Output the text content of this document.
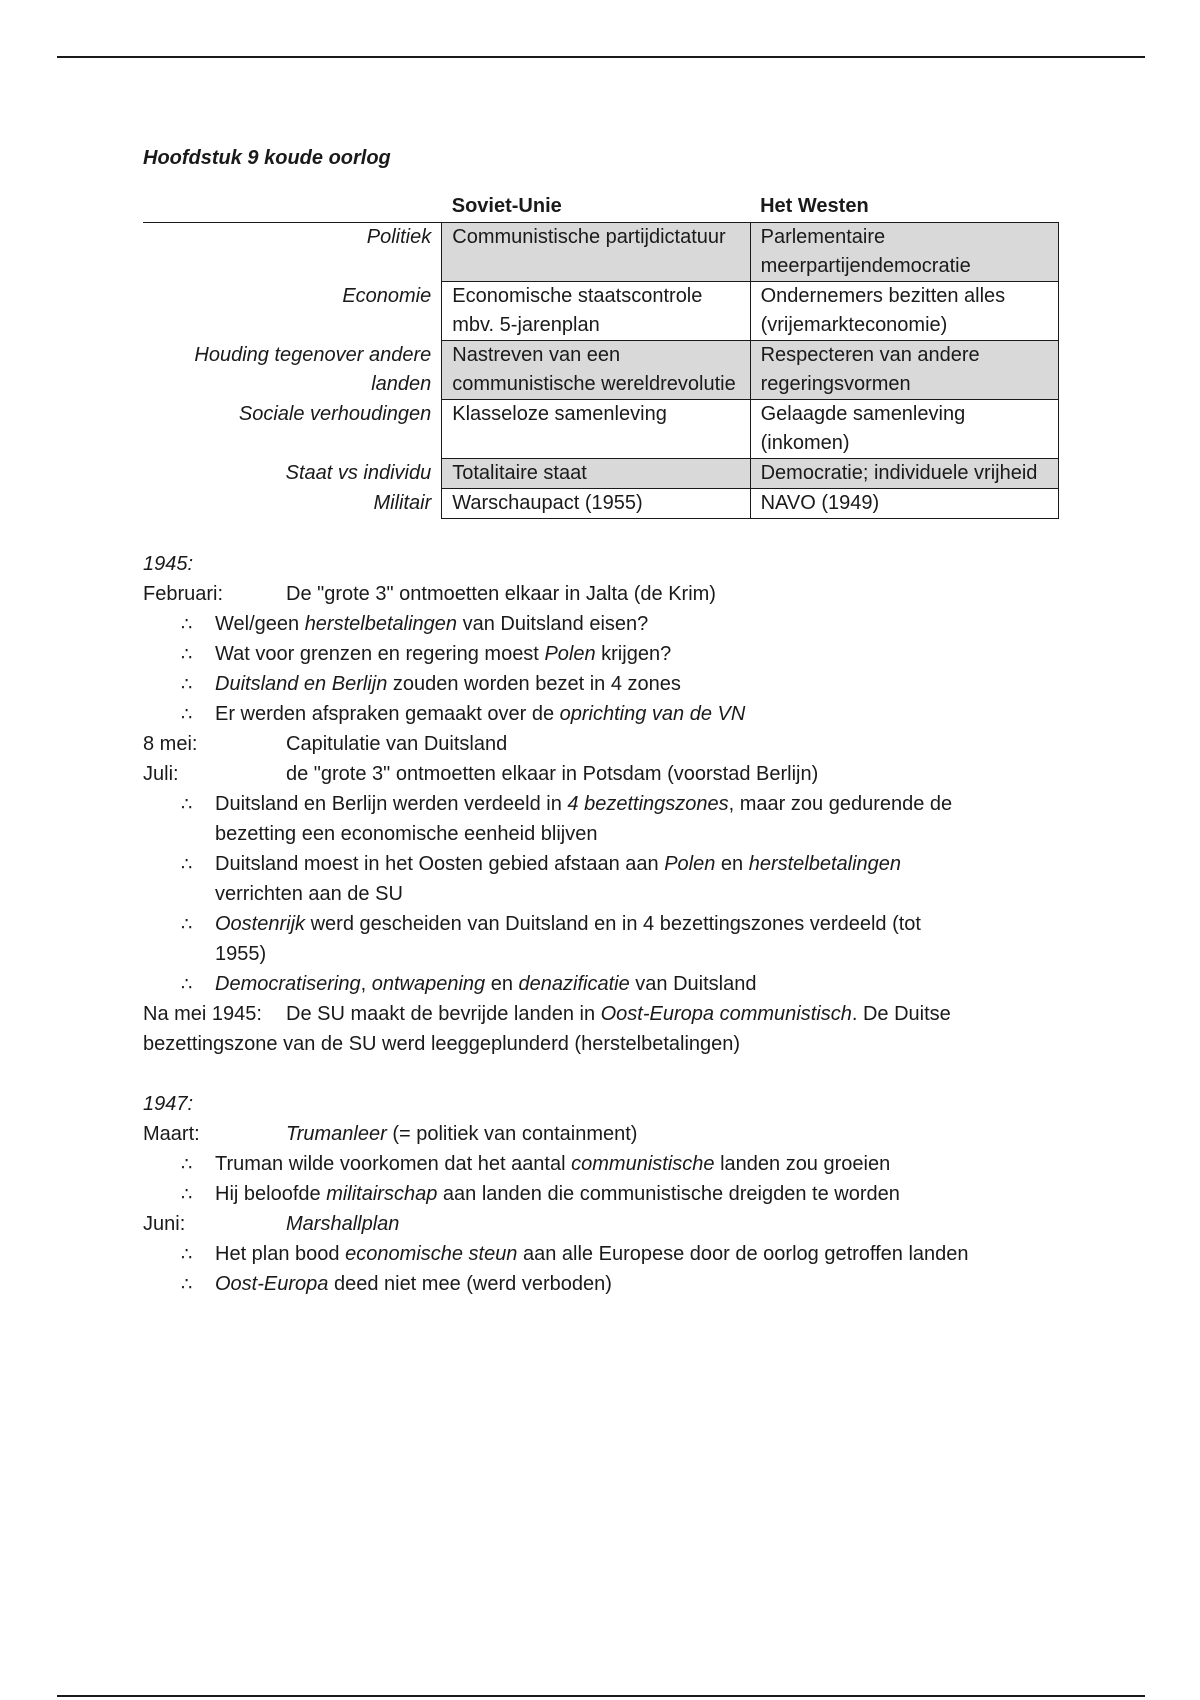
Hoofdstuk 9 koude oorlog

	Soviet-Unie	Het Westen
Politiek	Communistische partijdictatuur	Parlementaire meerpartijendemocratie
Economie	Economische staatscontrole mbv. 5-jarenplan	Ondernemers bezitten alles (vrijemarkteconomie)
Houding tegenover andere landen	Nastreven van een communistische wereldrevolutie	Respecteren van andere regeringsvormen
Sociale verhoudingen	Klasseloze samenleving	Gelaagde samenleving (inkomen)
Staat vs individu	Totalitaire staat	Democratie; individuele vrijheid
Militair	Warschaupact (1955)	NAVO (1949)

1945:

Februari:	De "grote 3" ontmoetten elkaar in Jalta (de Krim)

∴ Wel/geen herstelbetalingen van Duitsland eisen?
∴ Wat voor grenzen en regering moest Polen krijgen?
∴ Duitsland en Berlijn zouden worden bezet in 4 zones
∴ Er werden afspraken gemaakt over de oprichting van de VN

8 mei:	Capitulatie van Duitsland

Juli:	de "grote 3" ontmoetten elkaar in Potsdam (voorstad Berlijn)

∴ Duitsland en Berlijn werden verdeeld in 4 bezettingszones, maar zou gedurende de
bezetting een economische eenheid blijven
∴ Duitsland moest in het Oosten gebied afstaan aan Polen en herstelbetalingen
verrichten aan de SU
∴ Oostenrijk werd gescheiden van Duitsland en in 4 bezettingszones verdeeld (tot
1955)
∴ Democratisering, ontwapening en denazificatie van Duitsland

Na mei 1945: De SU maakt de bevrijde landen in Oost-Europa communistisch. De Duitse
bezettingszone van de SU werd leeggeplunderd (herstelbetalingen)

1947:

Maart:	Trumanleer (= politiek van containment)

∴ Truman wilde voorkomen dat het aantal communistische landen zou groeien
∴ Hij beloofde militairschap aan landen die communistische dreigden te worden

Juni:	Marshallplan

∴ Het plan bood economische steun aan alle Europese door de oorlog getroffen landen
∴ Oost-Europa deed niet mee (werd verboden)
